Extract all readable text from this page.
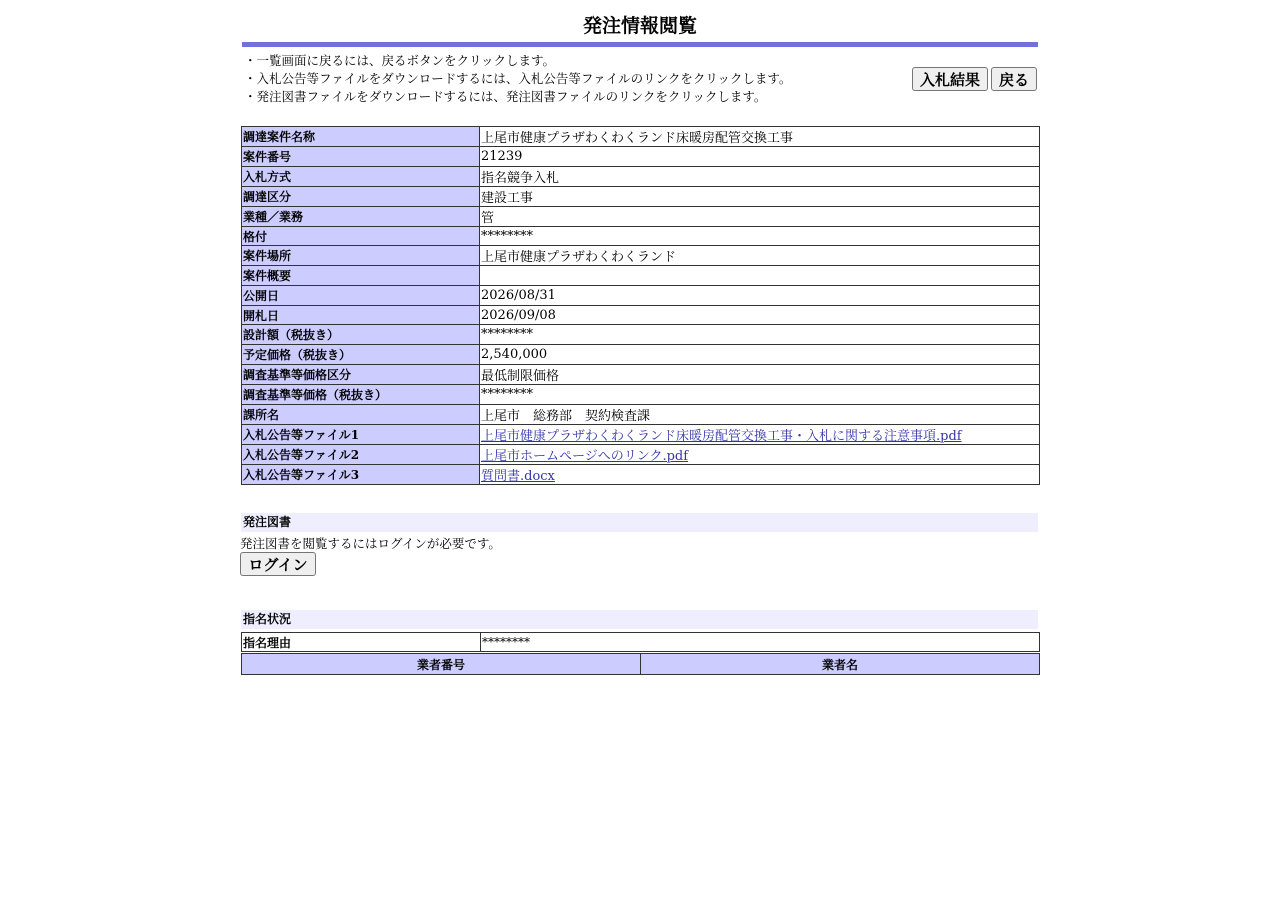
発注情報閲覧
・一覧画面に戻るには、戻るボタンをクリックします。
・入札公告等ファイルをダウンロードするには、入札公告等ファイルのリンクをクリックします。
・発注図書ファイルをダウンロードするには、発注図書ファイルのリンクをクリックします。
入札結果	戻る
調達案件名称	上尾市健康プラザわくわくランド床暖房配管交換工事
案件番号	21239
入札方式	指名競争入札
調達区分	建設工事
業種／業務	管
格付	********
案件場所	上尾市健康プラザわくわくランド
案件概要	
公開日	2026/08/31
開札日	2026/09/08
設計額（税抜き）	********
予定価格（税抜き）	2,540,000
調査基準等価格区分	最低制限価格
調査基準等価格（税抜き）	********
課所名	上尾市　総務部　契約検査課
入札公告等ファイル1	上尾市健康プラザわくわくランド床暖房配管交換工事・入札に関する注意事項.pdf
入札公告等ファイル2	上尾市ホームページへのリンク.pdf
入札公告等ファイル3	質問書.docx
発注図書
発注図書を閲覧するにはログインが必要です。
ログイン
指名状況
指名理由	********
業者番号	業者名
